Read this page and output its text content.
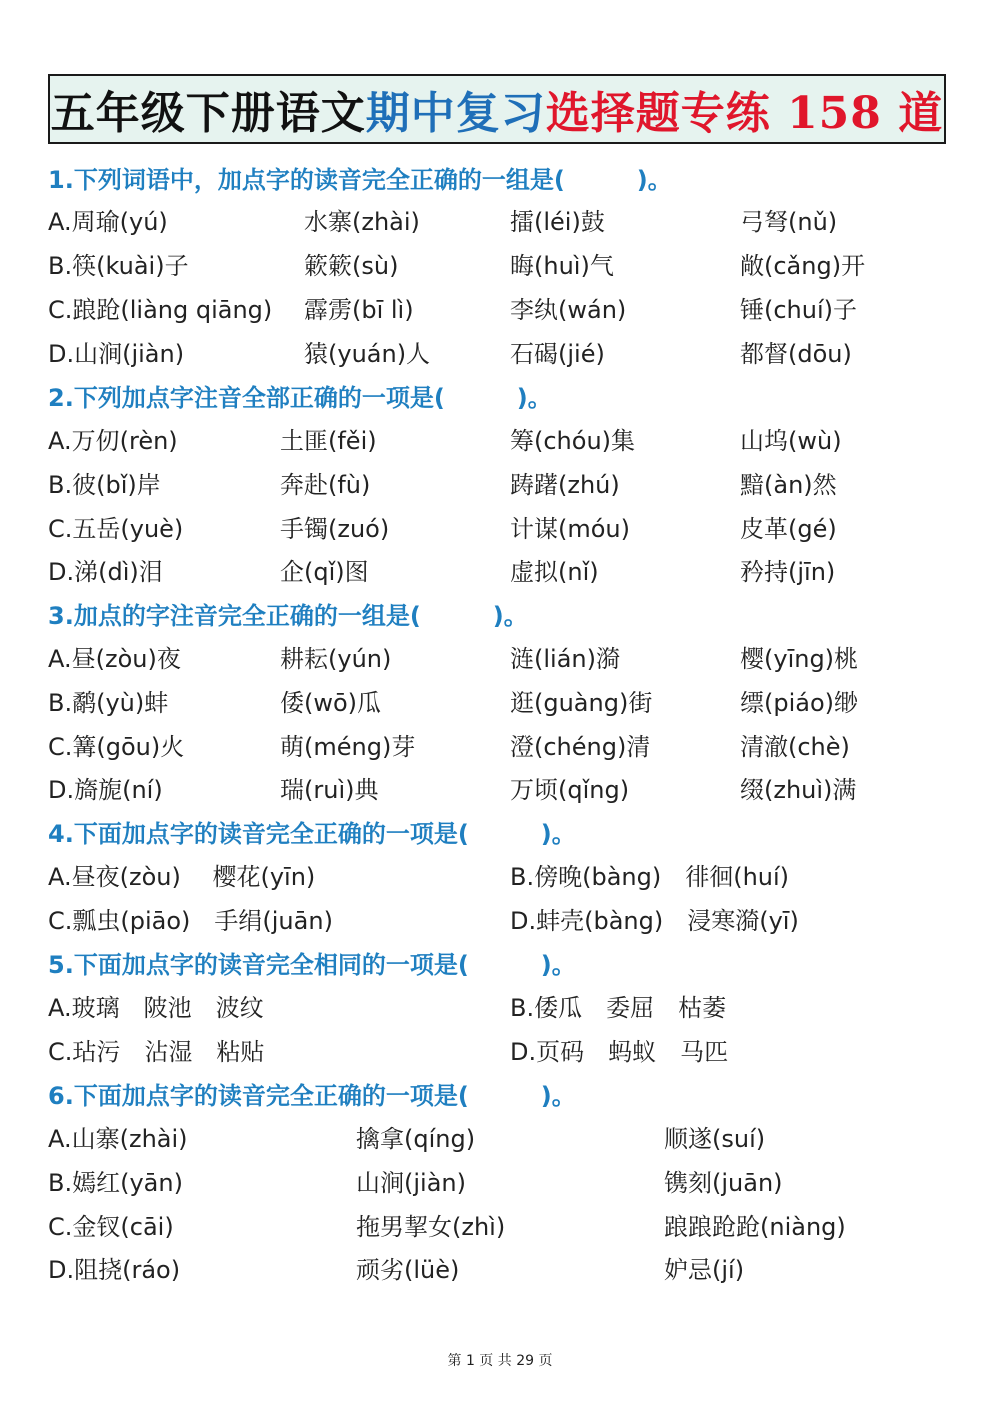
五年级下册语文 期中复习 选择题专练 158 道
1.下列词语中，加点字的读音完全正确的一组是(　　　)。
A.周瑜(yú)	水寨(zhài)	擂(léi)鼓	弓弩(nǔ)
B.筷(kuài)子	簌簌(sù)	晦(huì)气	敞(cǎng)开
C.踉跄(liàng qiāng) 霹雳(bī lì)	李纨(wán)	锤(chuí)子
D.山涧(jiàn)	猿(yuán)人	石碣(jié)	都督(dōu)
2.下列加点字注音全部正确的一项是(　　　)。
A.万仞(rèn)	土匪(fěi)	筹(chóu)集	山坞(wù)
B.彼(bǐ)岸	奔赴(fù)	踌躇(zhú)	黯(àn)然
C.五岳(yuè)	手镯(zuó)	计谋(móu)	皮革(gé)
D.涕(dì)泪	企(qǐ)图	虚拟(nǐ)	矜持(jīn)
3.加点的字注音完全正确的一组是(　　　)。
A.昼(zòu)夜	耕耘(yún)	涟(lián)漪	樱(yīng)桃
B.鹬(yù)蚌	倭(wō)瓜	逛(guàng)街	缥(piáo)缈
C.篝(gōu)火	萌(méng)芽	澄(chéng)清	清澈(chè)
D.旖旎(ní)	瑞(ruì)典	万顷(qǐng)	缀(zhuì)满
4.下面加点字的读音完全正确的一项是(　　　)。
A.昼夜(zòu)　 樱花(yīn)	B.傍晚(bàng)　徘徊(huí)
C.瓢虫(piāo)　手绢(juān)	D.蚌壳(bàng)　浸寒漪(yī)
5.下面加点字的读音完全相同的一项是(　　　)。
A.玻璃　陂池　波纹	B.倭瓜　委屈　枯萎
C.玷污　沾湿　粘贴	D.页码　蚂蚁　马匹
6.下面加点字的读音完全正确的一项是(　　　)。
A.山寨(zhài)	擒拿(qíng)	顺遂(suí)
B.嫣红(yān)	山涧(jiàn)	镌刻(juān)
C.金钗(cāi)	拖男挈女(zhì)	踉踉跄跄(niàng)
D.阻挠(ráo)	顽劣(lüè)	妒忌(jí)
第 1 页 共 29 页
